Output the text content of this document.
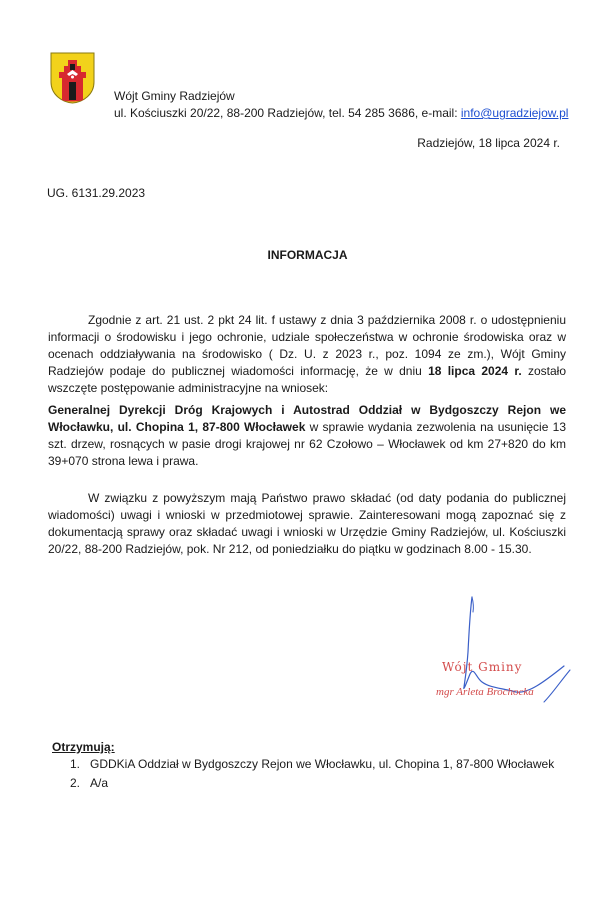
Wójt Gminy Radziejów
ul. Kościuszki 20/22, 88-200 Radziejów, tel. 54 285 3686, e-mail: info@ugradziejow.pl
Radziejów, 18 lipca 2024 r.
UG. 6131.29.2023
INFORMACJA
Zgodnie z art. 21 ust. 2 pkt 24 lit. f ustawy z dnia 3 października 2008 r. o udostępnieniu informacji o środowisku i jego ochronie, udziale społeczeństwa w ochronie środowiska oraz w ocenach oddziaływania na środowisko ( Dz. U. z 2023 r., poz. 1094 ze zm.), Wójt Gminy Radziejów podaje do publicznej wiadomości informację, że w dniu 18 lipca 2024 r. zostało wszczęte postępowanie administracyjne na wniosek:
Generalnej Dyrekcji Dróg Krajowych i Autostrad Oddział w Bydgoszczy Rejon we Włocławku, ul. Chopina 1, 87-800 Włocławek w sprawie wydania zezwolenia na usunięcie 13 szt. drzew, rosnących w pasie drogi krajowej nr 62 Czołowo – Włocławek od km 27+820 do km 39+070 strona lewa i prawa.
W związku z powyższym mają Państwo prawo składać (od daty podania do publicznej wiadomości) uwagi i wnioski w przedmiotowej sprawie. Zainteresowani mogą zapoznać się z dokumentacją sprawy oraz składać uwagi i wnioski w Urzędzie Gminy Radziejów, ul. Kościuszki 20/22, 88-200 Radziejów, pok. Nr 212, od poniedziałku do piątku w godzinach 8.00 - 15.30.
Wójt Gminy
mgr Arleta Brochocka
Otrzymują:
1. GDDKiA Oddział w Bydgoszczy Rejon we Włocławku, ul. Chopina 1, 87-800 Włocławek
2. A/a
